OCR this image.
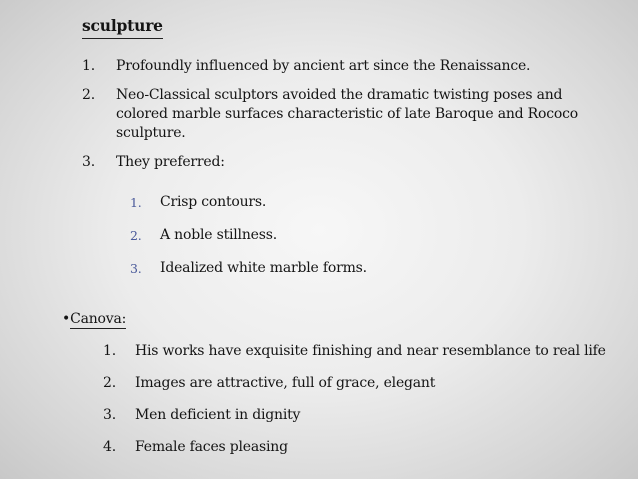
sculpture
1.	Profoundly influenced by ancient art since the Renaissance.
2.	Neo-Classical sculptors avoided the dramatic twisting poses and colored marble surfaces characteristic of late Baroque and Rococo sculpture.
3.	They preferred:
1.	Crisp contours.
2.	A noble stillness.
3.	Idealized white marble forms.
•Canova:
1.	His works have exquisite finishing and near resemblance to real life
2.	Images are attractive, full of grace, elegant
3.	Men deficient in dignity
4.	Female faces pleasing
